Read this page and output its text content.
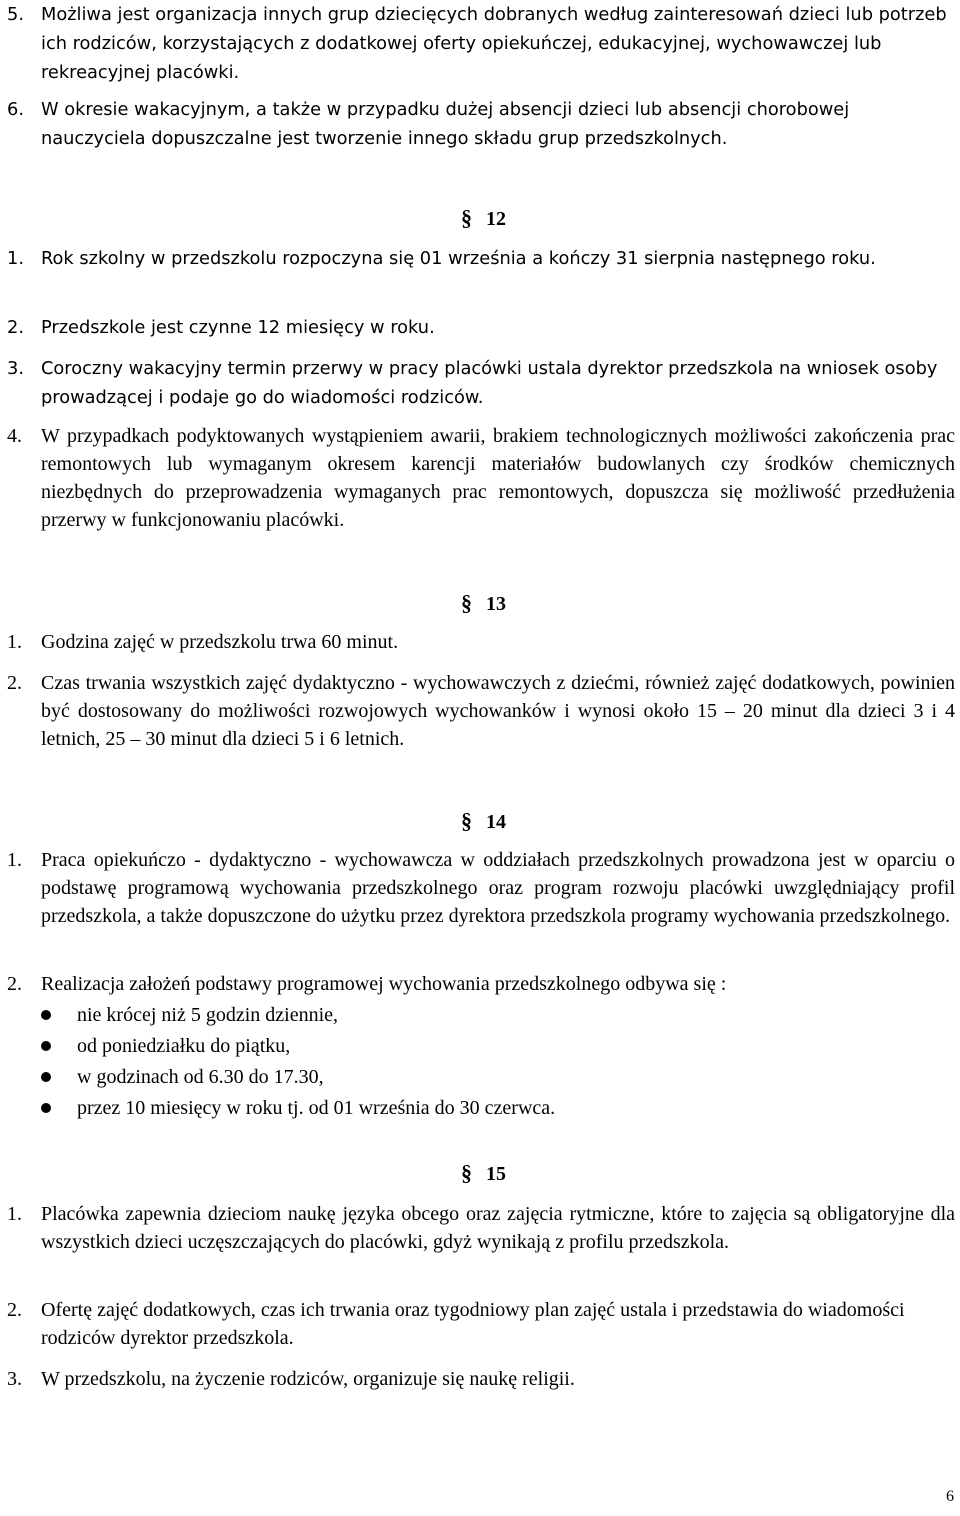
5. Możliwa jest organizacja innych grup dziecięcych dobranych według zainteresowań dzieci lub potrzeb ich rodziców, korzystających z dodatkowej oferty opiekuńczej, edukacyjnej, wychowawczej lub rekreacyjnej placówki.
6. W okresie wakacyjnym, a także w przypadku dużej absencji dzieci lub absencji chorobowej nauczyciela dopuszczalne jest tworzenie innego składu grup przedszkolnych.
§ 12
1. Rok szkolny w przedszkolu rozpoczyna się 01 września a kończy 31 sierpnia następnego roku.
2. Przedszkole jest czynne 12 miesięcy w roku.
3. Coroczny wakacyjny termin przerwy w pracy placówki ustala dyrektor przedszkola na wniosek osoby prowadzącej i podaje go do wiadomości rodziców.
4. W przypadkach podyktowanych wystąpieniem awarii, brakiem technologicznych możliwości zakończenia prac remontowych lub wymaganym okresem karencji materiałów budowlanych czy środków chemicznych niezbędnych do przeprowadzenia wymaganych prac remontowych, dopuszcza się możliwość przedłużenia przerwy w funkcjonowaniu placówki.
§ 13
1. Godzina zajęć w przedszkolu trwa 60 minut.
2. Czas trwania wszystkich zajęć dydaktyczno - wychowawczych z dziećmi, również zajęć dodatkowych, powinien być dostosowany do możliwości rozwojowych wychowanków i wynosi około 15 – 20 minut dla dzieci 3 i 4 letnich, 25 – 30 minut dla dzieci 5 i 6 letnich.
§ 14
1. Praca opiekuńczo - dydaktyczno - wychowawcza w oddziałach przedszkolnych prowadzona jest w oparciu o podstawę programową wychowania przedszkolnego oraz program rozwoju placówki uwzględniający profil przedszkola, a także dopuszczone do użytku przez dyrektora przedszkola programy wychowania przedszkolnego.
2. Realizacja założeń podstawy programowej wychowania przedszkolnego odbywa się :
nie krócej niż 5 godzin dziennie,
od poniedziałku do piątku,
w godzinach od 6.30 do 17.30,
przez 10 miesięcy w roku tj. od 01 września do 30 czerwca.
§ 15
1. Placówka zapewnia dzieciom naukę języka obcego oraz zajęcia rytmiczne, które to zajęcia są obligatoryjne dla wszystkich dzieci uczęszczających do placówki, gdyż wynikają z profilu przedszkola.
2. Ofertę zajęć dodatkowych, czas ich trwania oraz tygodniowy plan zajęć ustala i przedstawia do wiadomości rodziców dyrektor przedszkola.
3. W przedszkolu, na życzenie rodziców, organizuje się naukę religii.
6
